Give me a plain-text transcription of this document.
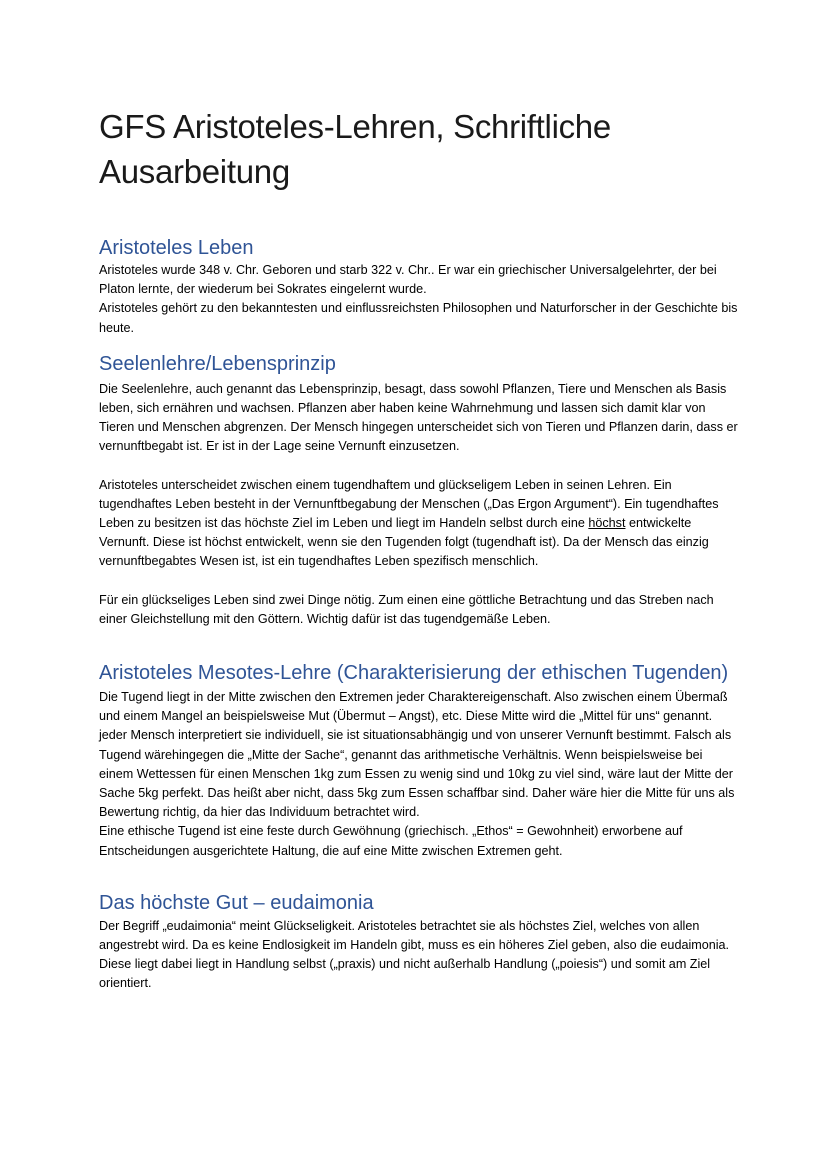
GFS Aristoteles-Lehren, Schriftliche Ausarbeitung
Aristoteles Leben

Aristoteles wurde 348 v. Chr. Geboren und starb 322 v. Chr.. Er war ein griechischer Universalgelehrter, der bei Platon lernte, der wiederum bei Sokrates eingelernt wurde.

Aristoteles gehört zu den bekanntesten und einflussreichsten Philosophen und Naturforscher in der Geschichte bis heute.

Seelenlehre/Lebensprinzip

Die Seelenlehre, auch genannt das Lebensprinzip, besagt, dass sowohl Pflanzen, Tiere und Menschen als Basis leben, sich ernähren und wachsen. Pflanzen aber haben keine Wahrnehmung und lassen sich damit klar von Tieren und Menschen abgrenzen. Der Mensch hingegen unterscheidet sich von Tieren und Pflanzen darin, dass er vernunftbegabt ist. Er ist in der Lage seine Vernunft einzusetzen.

Aristoteles unterscheidet zwischen einem tugendhaftem und glückseligem Leben in seinen Lehren. Ein tugendhaftes Leben besteht in der Vernunftbegabung der Menschen („Das Ergon Argument“). Ein tugendhaftes Leben zu besitzen ist das höchste Ziel im Leben und liegt im Handeln selbst durch eine höchst entwickelte Vernunft. Diese ist höchst entwickelt, wenn sie den Tugenden folgt (tugendhaft ist). Da der Mensch das einzig vernunftbegabtes Wesen ist, ist ein tugendhaftes Leben spezifisch menschlich.

Für ein glückseliges Leben sind zwei Dinge nötig. Zum einen eine göttliche Betrachtung und das Streben nach einer Gleichstellung mit den Göttern. Wichtig dafür ist das tugendgemäße Leben.

Aristoteles Mesotes-Lehre (Charakterisierung der ethischen Tugenden)

Die Tugend liegt in der Mitte zwischen den Extremen jeder Charaktereigenschaft. Also zwischen einem Übermaß und einem Mangel an beispielsweise Mut (Übermut – Angst), etc. Diese Mitte wird die „Mittel für uns“ genannt. jeder Mensch interpretiert sie individuell, sie ist situationsabhängig und von unserer Vernunft bestimmt. Falsch als Tugend wärehingegen die „Mitte der Sache“, genannt das arithmetische Verhältnis. Wenn beispielsweise bei einem Wettessen für einen Menschen 1kg zum Essen zu wenig sind und 10kg zu viel sind, wäre laut der Mitte der Sache 5kg perfekt. Das heißt aber nicht, dass 5kg zum Essen schaffbar sind. Daher wäre hier die Mitte für uns als Bewertung richtig, da hier das Individuum betrachtet wird.

Eine ethische Tugend ist eine feste durch Gewöhnung (griechisch. „Ethos“ = Gewohnheit) erworbene auf Entscheidungen ausgerichtete Haltung, die auf eine Mitte zwischen Extremen geht.

Das höchste Gut – eudaimonia

Der Begriff „eudaimonia“ meint Glückseligkeit. Aristoteles betrachtet sie als höchstes Ziel, welches von allen angestrebt wird. Da es keine Endlosigkeit im Handeln gibt, muss es ein höheres Ziel geben, also die eudaimonia. Diese liegt dabei liegt in Handlung selbst („praxis) und nicht außerhalb Handlung („poiesis“) und somit am Ziel orientiert.
